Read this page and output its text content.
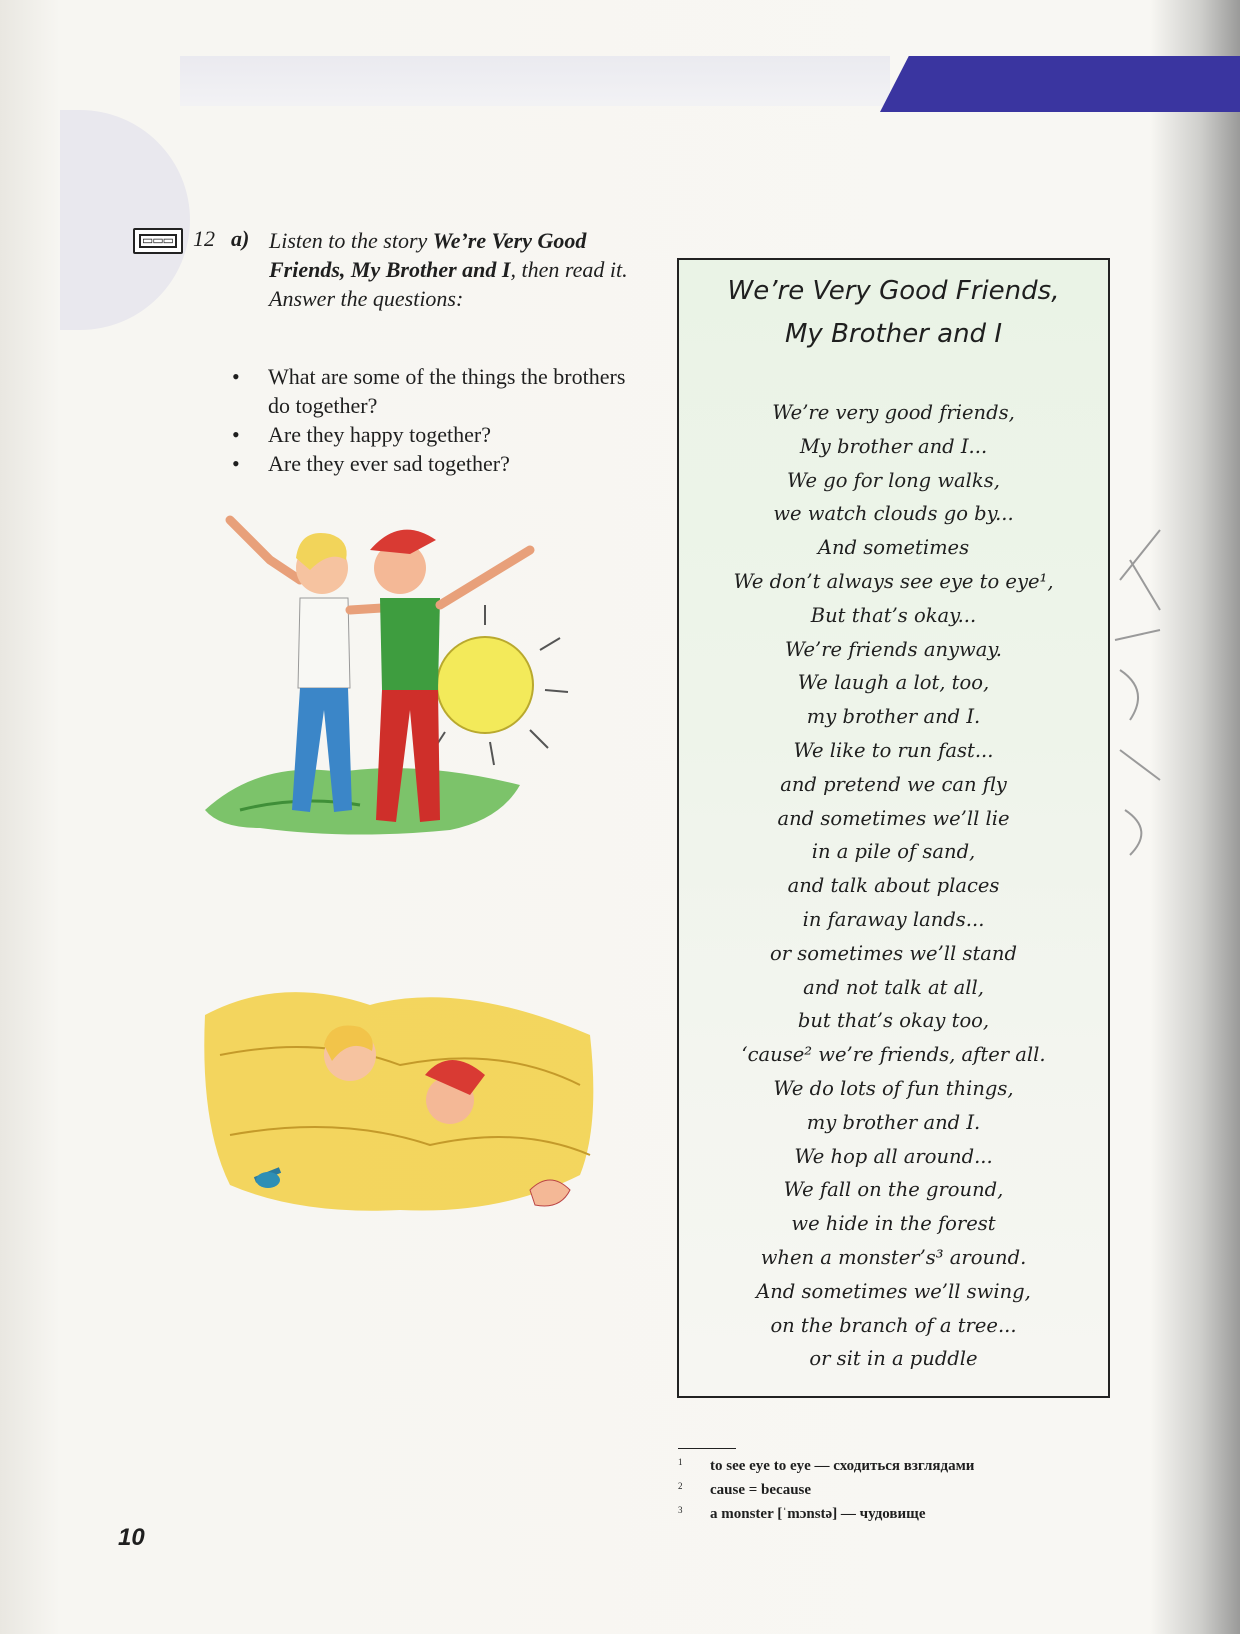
▭▭▭
12 a) Listen to the story We’re Very Good Friends, My Brother and I, then read it.
Answer the questions:
• What are some of the things the brothers do together?
• Are they happy together?
• Are they ever sad together?
We’re Very Good Friends,
My Brother and I
We’re very good friends,
My brother and I...
We go for long walks,
we watch clouds go by...
And sometimes
We don’t always see eye to eye¹,
But that’s okay...
We’re friends anyway.
We laugh a lot, too,
my brother and I.
We like to run fast...
and pretend we can fly
and sometimes we’ll lie
in a pile of sand,
and talk about places
in faraway lands...
or sometimes we’ll stand
and not talk at all,
but that’s okay too,
‘cause² we’re friends, after all.
We do lots of fun things,
my brother and I.
We hop all around...
We fall on the ground,
we hide in the forest
when a monster’s³ around.
And sometimes we’ll swing,
on the branch of a tree...
or sit in a puddle
1 to see eye to eye — сходиться взглядами
2 cause = because
3 a monster [ˈmɔnstə] — чудовище
10
